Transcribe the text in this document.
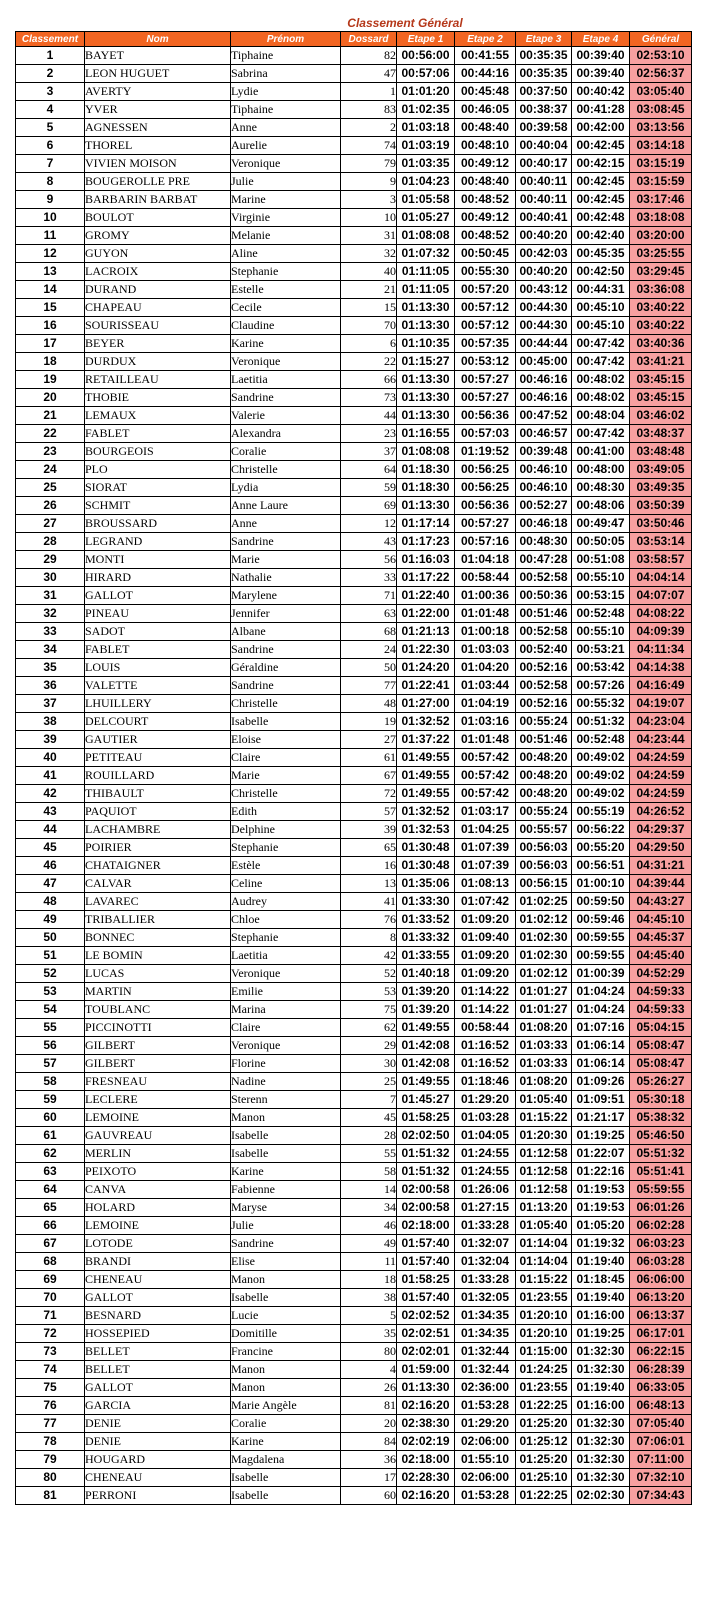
Classement Général
Classement	Nom	Prénom	Dossard	Etape 1	Etape 2	Etape 3	Etape 4	Général
1	BAYET	Tiphaine	82	00:56:00	00:41:55	00:35:35	00:39:40	02:53:10
2	LEON HUGUET	Sabrina	47	00:57:06	00:44:16	00:35:35	00:39:40	02:56:37
3	AVERTY	Lydie	1	01:01:20	00:45:48	00:37:50	00:40:42	03:05:40
4	YVER	Tiphaine	83	01:02:35	00:46:05	00:38:37	00:41:28	03:08:45
5	AGNESSEN	Anne	2	01:03:18	00:48:40	00:39:58	00:42:00	03:13:56
6	THOREL	Aurelie	74	01:03:19	00:48:10	00:40:04	00:42:45	03:14:18
7	VIVIEN MOISON	Veronique	79	01:03:35	00:49:12	00:40:17	00:42:15	03:15:19
8	BOUGEROLLE PRE	Julie	9	01:04:23	00:48:40	00:40:11	00:42:45	03:15:59
9	BARBARIN BARBAT	Marine	3	01:05:58	00:48:52	00:40:11	00:42:45	03:17:46
10	BOULOT	Virginie	10	01:05:27	00:49:12	00:40:41	00:42:48	03:18:08
11	GROMY	Melanie	31	01:08:08	00:48:52	00:40:20	00:42:40	03:20:00
12	GUYON	Aline	32	01:07:32	00:50:45	00:42:03	00:45:35	03:25:55
13	LACROIX	Stephanie	40	01:11:05	00:55:30	00:40:20	00:42:50	03:29:45
14	DURAND	Estelle	21	01:11:05	00:57:20	00:43:12	00:44:31	03:36:08
15	CHAPEAU	Cecile	15	01:13:30	00:57:12	00:44:30	00:45:10	03:40:22
16	SOURISSEAU	Claudine	70	01:13:30	00:57:12	00:44:30	00:45:10	03:40:22
17	BEYER	Karine	6	01:10:35	00:57:35	00:44:44	00:47:42	03:40:36
18	DURDUX	Veronique	22	01:15:27	00:53:12	00:45:00	00:47:42	03:41:21
19	RETAILLEAU	Laetitia	66	01:13:30	00:57:27	00:46:16	00:48:02	03:45:15
20	THOBIE	Sandrine	73	01:13:30	00:57:27	00:46:16	00:48:02	03:45:15
21	LEMAUX	Valerie	44	01:13:30	00:56:36	00:47:52	00:48:04	03:46:02
22	FABLET	Alexandra	23	01:16:55	00:57:03	00:46:57	00:47:42	03:48:37
23	BOURGEOIS	Coralie	37	01:08:08	01:19:52	00:39:48	00:41:00	03:48:48
24	PLO	Christelle	64	01:18:30	00:56:25	00:46:10	00:48:00	03:49:05
25	SIORAT	Lydia	59	01:18:30	00:56:25	00:46:10	00:48:30	03:49:35
26	SCHMIT	Anne Laure	69	01:13:30	00:56:36	00:52:27	00:48:06	03:50:39
27	BROUSSARD	Anne	12	01:17:14	00:57:27	00:46:18	00:49:47	03:50:46
28	LEGRAND	Sandrine	43	01:17:23	00:57:16	00:48:30	00:50:05	03:53:14
29	MONTI	Marie	56	01:16:03	01:04:18	00:47:28	00:51:08	03:58:57
30	HIRARD	Nathalie	33	01:17:22	00:58:44	00:52:58	00:55:10	04:04:14
31	GALLOT	Marylene	71	01:22:40	01:00:36	00:50:36	00:53:15	04:07:07
32	PINEAU	Jennifer	63	01:22:00	01:01:48	00:51:46	00:52:48	04:08:22
33	SADOT	Albane	68	01:21:13	01:00:18	00:52:58	00:55:10	04:09:39
34	FABLET	Sandrine	24	01:22:30	01:03:03	00:52:40	00:53:21	04:11:34
35	LOUIS	Géraldine	50	01:24:20	01:04:20	00:52:16	00:53:42	04:14:38
36	VALETTE	Sandrine	77	01:22:41	01:03:44	00:52:58	00:57:26	04:16:49
37	LHUILLERY	Christelle	48	01:27:00	01:04:19	00:52:16	00:55:32	04:19:07
38	DELCOURT	Isabelle	19	01:32:52	01:03:16	00:55:24	00:51:32	04:23:04
39	GAUTIER	Eloise	27	01:37:22	01:01:48	00:51:46	00:52:48	04:23:44
40	PETITEAU	Claire	61	01:49:55	00:57:42	00:48:20	00:49:02	04:24:59
41	ROUILLARD	Marie	67	01:49:55	00:57:42	00:48:20	00:49:02	04:24:59
42	THIBAULT	Christelle	72	01:49:55	00:57:42	00:48:20	00:49:02	04:24:59
43	PAQUIOT	Edith	57	01:32:52	01:03:17	00:55:24	00:55:19	04:26:52
44	LACHAMBRE	Delphine	39	01:32:53	01:04:25	00:55:57	00:56:22	04:29:37
45	POIRIER	Stephanie	65	01:30:48	01:07:39	00:56:03	00:55:20	04:29:50
46	CHATAIGNER	Estèle	16	01:30:48	01:07:39	00:56:03	00:56:51	04:31:21
47	CALVAR	Celine	13	01:35:06	01:08:13	00:56:15	01:00:10	04:39:44
48	LAVAREC	Audrey	41	01:33:30	01:07:42	01:02:25	00:59:50	04:43:27
49	TRIBALLIER	Chloe	76	01:33:52	01:09:20	01:02:12	00:59:46	04:45:10
50	BONNEC	Stephanie	8	01:33:32	01:09:40	01:02:30	00:59:55	04:45:37
51	LE BOMIN	Laetitia	42	01:33:55	01:09:20	01:02:30	00:59:55	04:45:40
52	LUCAS	Veronique	52	01:40:18	01:09:20	01:02:12	01:00:39	04:52:29
53	MARTIN	Emilie	53	01:39:20	01:14:22	01:01:27	01:04:24	04:59:33
54	TOUBLANC	Marina	75	01:39:20	01:14:22	01:01:27	01:04:24	04:59:33
55	PICCINOTTI	Claire	62	01:49:55	00:58:44	01:08:20	01:07:16	05:04:15
56	GILBERT	Veronique	29	01:42:08	01:16:52	01:03:33	01:06:14	05:08:47
57	GILBERT	Florine	30	01:42:08	01:16:52	01:03:33	01:06:14	05:08:47
58	FRESNEAU	Nadine	25	01:49:55	01:18:46	01:08:20	01:09:26	05:26:27
59	LECLERE	Sterenn	7	01:45:27	01:29:20	01:05:40	01:09:51	05:30:18
60	LEMOINE	Manon	45	01:58:25	01:03:28	01:15:22	01:21:17	05:38:32
61	GAUVREAU	Isabelle	28	02:02:50	01:04:05	01:20:30	01:19:25	05:46:50
62	MERLIN	Isabelle	55	01:51:32	01:24:55	01:12:58	01:22:07	05:51:32
63	PEIXOTO	Karine	58	01:51:32	01:24:55	01:12:58	01:22:16	05:51:41
64	CANVA	Fabienne	14	02:00:58	01:26:06	01:12:58	01:19:53	05:59:55
65	HOLARD	Maryse	34	02:00:58	01:27:15	01:13:20	01:19:53	06:01:26
66	LEMOINE	Julie	46	02:18:00	01:33:28	01:05:40	01:05:20	06:02:28
67	LOTODE	Sandrine	49	01:57:40	01:32:07	01:14:04	01:19:32	06:03:23
68	BRANDI	Elise	11	01:57:40	01:32:04	01:14:04	01:19:40	06:03:28
69	CHENEAU	Manon	18	01:58:25	01:33:28	01:15:22	01:18:45	06:06:00
70	GALLOT	Isabelle	38	01:57:40	01:32:05	01:23:55	01:19:40	06:13:20
71	BESNARD	Lucie	5	02:02:52	01:34:35	01:20:10	01:16:00	06:13:37
72	HOSSEPIED	Domitille	35	02:02:51	01:34:35	01:20:10	01:19:25	06:17:01
73	BELLET	Francine	80	02:02:01	01:32:44	01:15:00	01:32:30	06:22:15
74	BELLET	Manon	4	01:59:00	01:32:44	01:24:25	01:32:30	06:28:39
75	GALLOT	Manon	26	01:13:30	02:36:00	01:23:55	01:19:40	06:33:05
76	GARCIA	Marie Angèle	81	02:16:20	01:53:28	01:22:25	01:16:00	06:48:13
77	DENIE	Coralie	20	02:38:30	01:29:20	01:25:20	01:32:30	07:05:40
78	DENIE	Karine	84	02:02:19	02:06:00	01:25:12	01:32:30	07:06:01
79	HOUGARD	Magdalena	36	02:18:00	01:55:10	01:25:20	01:32:30	07:11:00
80	CHENEAU	Isabelle	17	02:28:30	02:06:00	01:25:10	01:32:30	07:32:10
81	PERRONI	Isabelle	60	02:16:20	01:53:28	01:22:25	02:02:30	07:34:43
